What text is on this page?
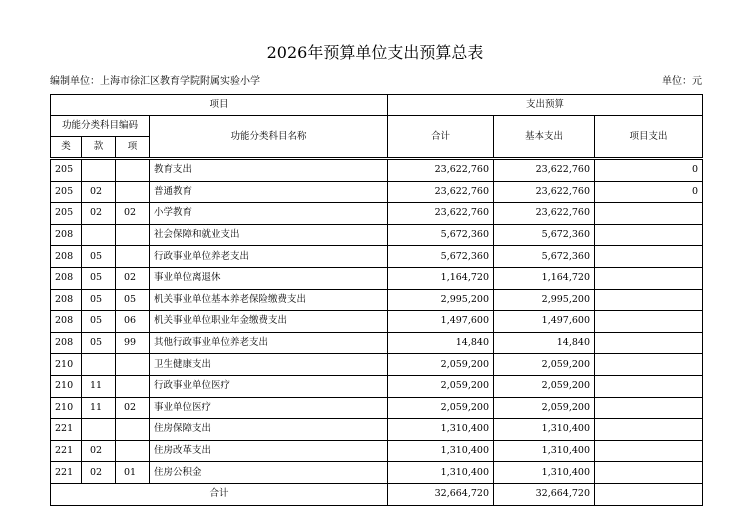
2026年预算单位支出预算总表
编制单位：上海市徐汇区教育学院附属实验小学	单位：元
项目				支出预算		
功能分类科目编码			功能分类科目名称	合计	基本支出	项目支出
类	款	项				
205			教育支出	23,622,760	23,622,760	0
205	02		普通教育	23,622,760	23,622,760	0
205	02	02	小学教育	23,622,760	23,622,760	
208			社会保障和就业支出	5,672,360	5,672,360	
208	05		行政事业单位养老支出	5,672,360	5,672,360	
208	05	02	事业单位离退休	1,164,720	1,164,720	
208	05	05	机关事业单位基本养老保险缴费支出	2,995,200	2,995,200	
208	05	06	机关事业单位职业年金缴费支出	1,497,600	1,497,600	
208	05	99	其他行政事业单位养老支出	14,840	14,840	
210			卫生健康支出	2,059,200	2,059,200	
210	11		行政事业单位医疗	2,059,200	2,059,200	
210	11	02	事业单位医疗	2,059,200	2,059,200	
221			住房保障支出	1,310,400	1,310,400	
221	02		住房改革支出	1,310,400	1,310,400	
221	02	01	住房公积金	1,310,400	1,310,400	
合计				32,664,720	32,664,720	
